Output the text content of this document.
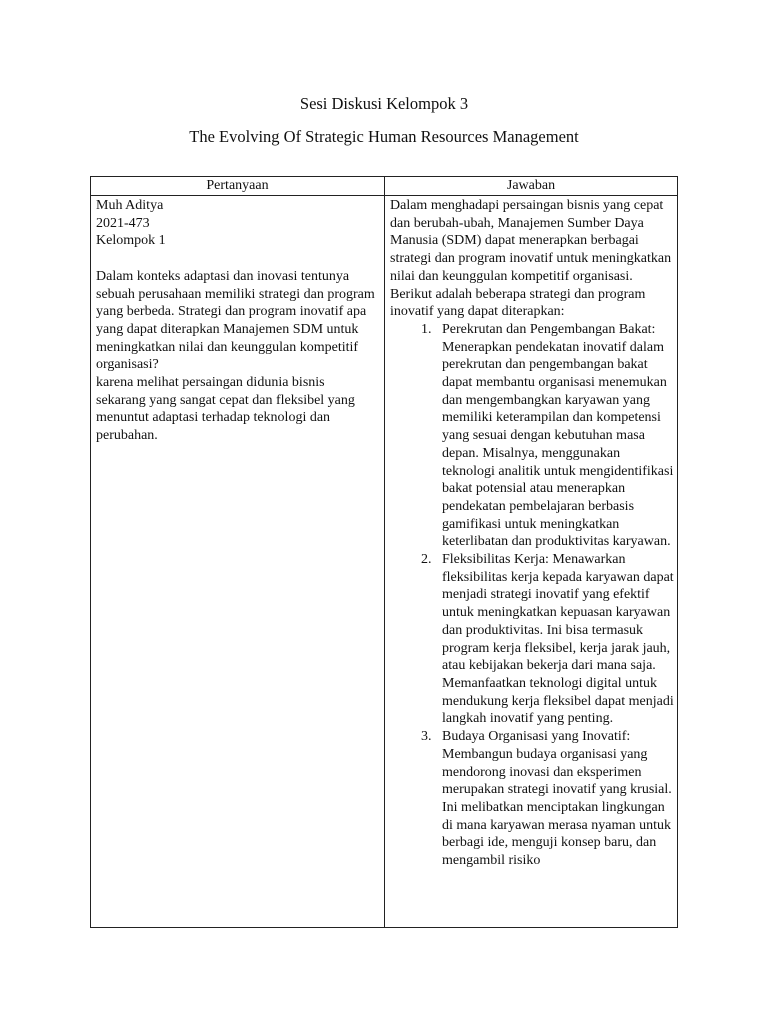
Sesi Diskusi Kelompok 3
The Evolving Of Strategic Human Resources Management
Pertanyaan	Jawaban

Muh Aditya

2021-473

Kelompok 1

Dalam konteks adaptasi dan inovasi tentunya sebuah perusahaan memiliki strategi dan program yang berbeda. Strategi dan program inovatif apa yang dapat diterapkan Manajemen SDM untuk meningkatkan nilai dan keunggulan kompetitif organisasi?

karena melihat persaingan didunia bisnis sekarang yang sangat cepat dan fleksibel yang menuntut adaptasi terhadap teknologi dan perubahan.

Dalam menghadapi persaingan bisnis yang cepat dan berubah-ubah, Manajemen Sumber Daya Manusia (SDM) dapat menerapkan berbagai strategi dan program inovatif untuk meningkatkan nilai dan keunggulan kompetitif organisasi. Berikut adalah beberapa strategi dan program inovatif yang dapat diterapkan:

1. Perekrutan dan Pengembangan Bakat: Menerapkan pendekatan inovatif dalam perekrutan dan pengembangan bakat dapat membantu organisasi menemukan dan mengembangkan karyawan yang memiliki keterampilan dan kompetensi yang sesuai dengan kebutuhan masa depan. Misalnya, menggunakan teknologi analitik untuk mengidentifikasi bakat potensial atau menerapkan pendekatan pembelajaran berbasis gamifikasi untuk meningkatkan keterlibatan dan produktivitas karyawan.
2. Fleksibilitas Kerja: Menawarkan fleksibilitas kerja kepada karyawan dapat menjadi strategi inovatif yang efektif untuk meningkatkan kepuasan karyawan dan produktivitas. Ini bisa termasuk program kerja fleksibel, kerja jarak jauh, atau kebijakan bekerja dari mana saja. Memanfaatkan teknologi digital untuk mendukung kerja fleksibel dapat menjadi langkah inovatif yang penting.
3. Budaya Organisasi yang Inovatif: Membangun budaya organisasi yang mendorong inovasi dan eksperimen merupakan strategi inovatif yang krusial. Ini melibatkan menciptakan lingkungan di mana karyawan merasa nyaman untuk berbagi ide, menguji konsep baru, dan mengambil risiko
